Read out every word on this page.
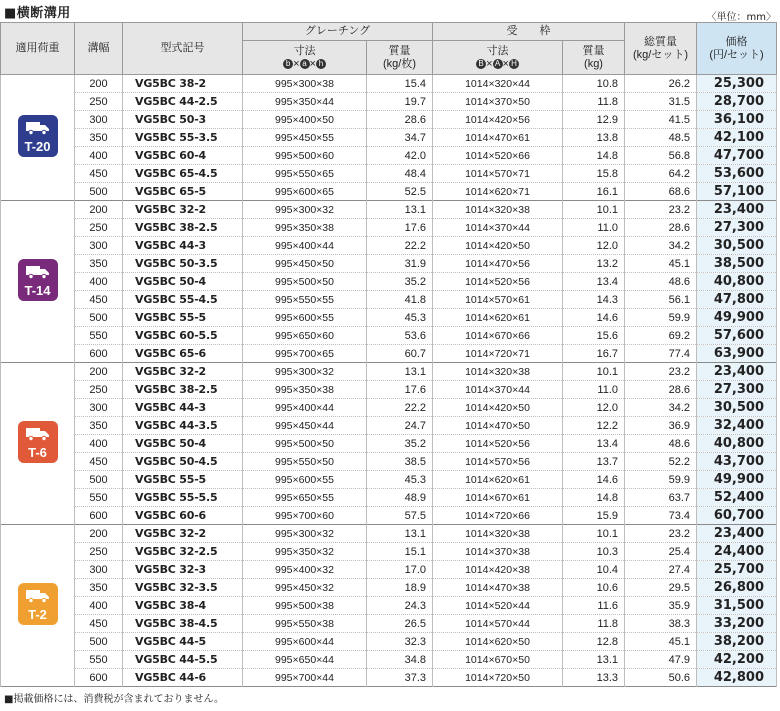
■横断溝用	〈単位：mm〉
適用荷重	溝幅	型式記号	グレーチング		受　　枠		総質量
(kg/セット)	価格
(円/セット)
			寸法
b × a × h	質量
(kg/枚)	寸法
B × A × H	質量
(kg)		

T-20	200	VG5BC 38-2	995×300×38	15.4	1014×320×44	10.8	26.2	25,300
	250	VG5BC 44-2.5	995×350×44	19.7	1014×370×50	11.8	31.5	28,700
	300	VG5BC 50-3	995×400×50	28.6	1014×420×56	12.9	41.5	36,100
	350	VG5BC 55-3.5	995×450×55	34.7	1014×470×61	13.8	48.5	42,100
	400	VG5BC 60-4	995×500×60	42.0	1014×520×66	14.8	56.8	47,700
	450	VG5BC 65-4.5	995×550×65	48.4	1014×570×71	15.8	64.2	53,600
	500	VG5BC 65-5	995×600×65	52.5	1014×620×71	16.1	68.6	57,100

T-14	200	VG5BC 32-2	995×300×32	13.1	1014×320×38	10.1	23.2	23,400
	250	VG5BC 38-2.5	995×350×38	17.6	1014×370×44	11.0	28.6	27,300
	300	VG5BC 44-3	995×400×44	22.2	1014×420×50	12.0	34.2	30,500
	350	VG5BC 50-3.5	995×450×50	31.9	1014×470×56	13.2	45.1	38,500
	400	VG5BC 50-4	995×500×50	35.2	1014×520×56	13.4	48.6	40,800
	450	VG5BC 55-4.5	995×550×55	41.8	1014×570×61	14.3	56.1	47,800
	500	VG5BC 55-5	995×600×55	45.3	1014×620×61	14.6	59.9	49,900
	550	VG5BC 60-5.5	995×650×60	53.6	1014×670×66	15.6	69.2	57,600
	600	VG5BC 65-6	995×700×65	60.7	1014×720×71	16.7	77.4	63,900

T-6	200	VG5BC 32-2	995×300×32	13.1	1014×320×38	10.1	23.2	23,400
	250	VG5BC 38-2.5	995×350×38	17.6	1014×370×44	11.0	28.6	27,300
	300	VG5BC 44-3	995×400×44	22.2	1014×420×50	12.0	34.2	30,500
	350	VG5BC 44-3.5	995×450×44	24.7	1014×470×50	12.2	36.9	32,400
	400	VG5BC 50-4	995×500×50	35.2	1014×520×56	13.4	48.6	40,800
	450	VG5BC 50-4.5	995×550×50	38.5	1014×570×56	13.7	52.2	43,700
	500	VG5BC 55-5	995×600×55	45.3	1014×620×61	14.6	59.9	49,900
	550	VG5BC 55-5.5	995×650×55	48.9	1014×670×61	14.8	63.7	52,400
	600	VG5BC 60-6	995×700×60	57.5	1014×720×66	15.9	73.4	60,700

T-2	200	VG5BC 32-2	995×300×32	13.1	1014×320×38	10.1	23.2	23,400
	250	VG5BC 32-2.5	995×350×32	15.1	1014×370×38	10.3	25.4	24,400
	300	VG5BC 32-3	995×400×32	17.0	1014×420×38	10.4	27.4	25,700
	350	VG5BC 32-3.5	995×450×32	18.9	1014×470×38	10.6	29.5	26,800
	400	VG5BC 38-4	995×500×38	24.3	1014×520×44	11.6	35.9	31,500
	450	VG5BC 38-4.5	995×550×38	26.5	1014×570×44	11.8	38.3	33,200
	500	VG5BC 44-5	995×600×44	32.3	1014×620×50	12.8	45.1	38,200
	550	VG5BC 44-5.5	995×650×44	34.8	1014×670×50	13.1	47.9	42,200
	600	VG5BC 44-6	995×700×44	37.3	1014×720×50	13.3	50.6	42,800
■掲載価格には、消費税が含まれておりません。
